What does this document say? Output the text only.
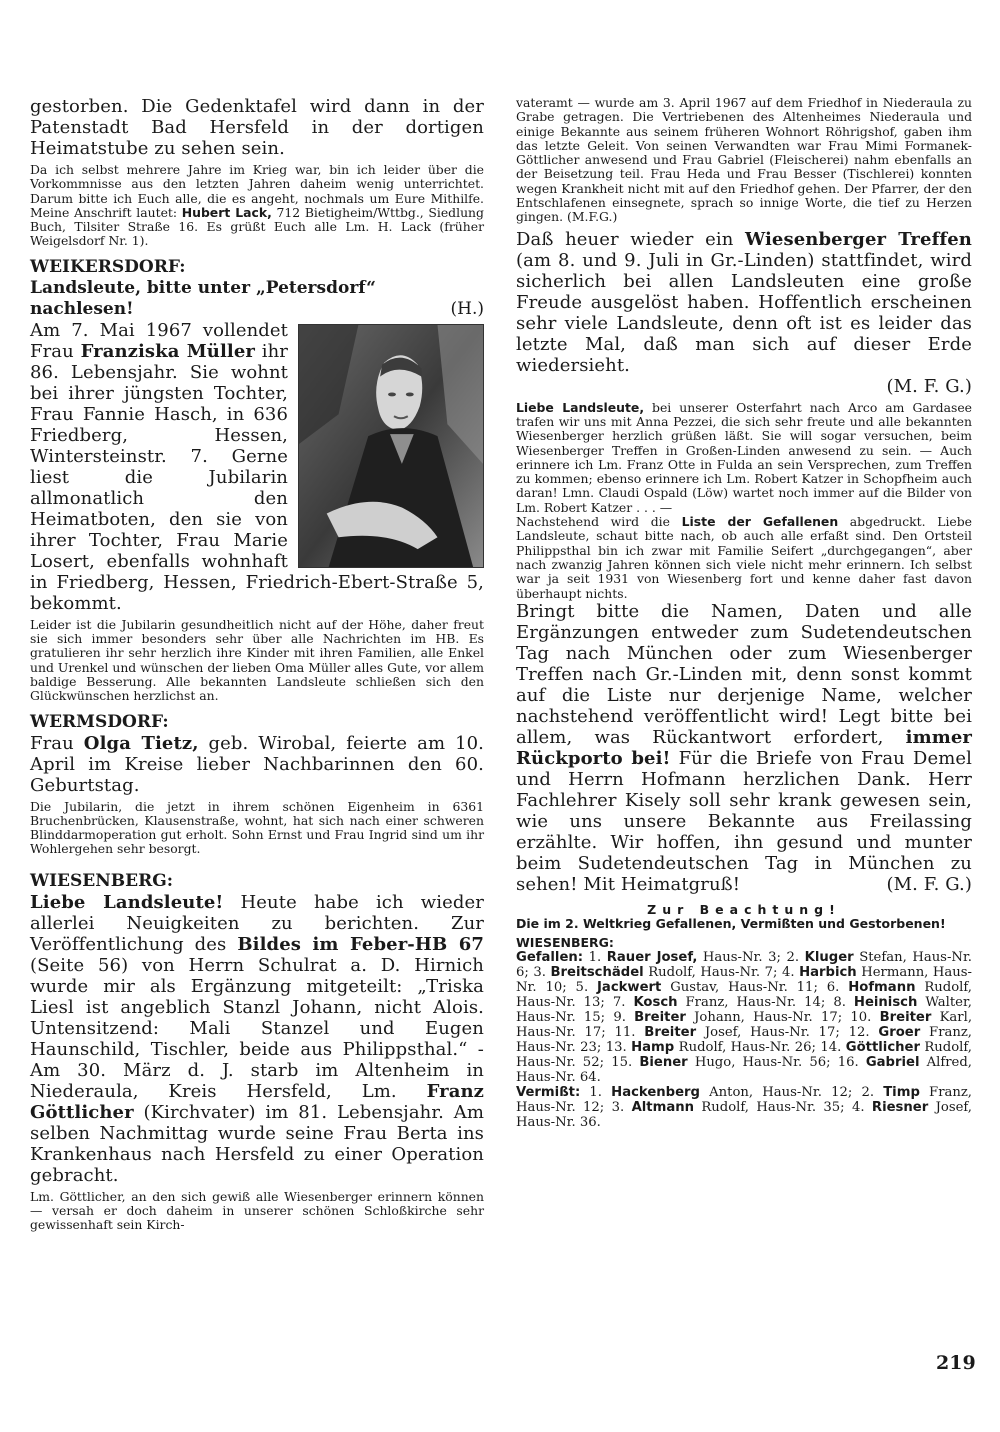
gestorben. Die Gedenktafel wird dann in der Patenstadt Bad Hersfeld in der dortigen Heimatstube zu sehen sein.

Da ich selbst mehrere Jahre im Krieg war, bin ich leider über die Vorkommnisse aus den letzten Jahren daheim wenig unterrichtet. Darum bitte ich Euch alle, die es angeht, nochmals um Eure Mithilfe. Meine Anschrift lautet: Hubert Lack, 712 Bietigheim/Wttbg., Siedlung Buch, Tilsiter Straße 16. Es grüßt Euch alle Lm. H. Lack (früher Weigelsdorf Nr. 1).

WEIKERSDORF:

Landsleute, bitte unter „Petersdorf“ nachlesen!	(H.)

Am 7. Mai 1967 vollendet Frau Franziska Müller ihr 86. Lebensjahr. Sie wohnt bei ihrer jüngsten Tochter, Frau Fannie Hasch, in 636 Friedberg, Hessen, Wintersteinstr. 7. Gerne liest die Jubilarin allmonatlich den Heimatboten, den sie von ihrer Tochter, Frau Marie Losert, ebenfalls wohnhaft in Friedberg, Hessen, Friedrich-Ebert-Straße 5, bekommt.

Leider ist die Jubilarin gesundheitlich nicht auf der Höhe, daher freut sie sich immer besonders sehr über alle Nachrichten im HB. Es gratulieren ihr sehr herzlich ihre Kinder mit ihren Familien, alle Enkel und Urenkel und wünschen der lieben Oma Müller alles Gute, vor allem baldige Besserung. Alle bekannten Landsleute schließen sich den Glückwünschen herzlichst an.

WERMSDORF:

Frau Olga Tietz, geb. Wirobal, feierte am 10. April im Kreise lieber Nachbarinnen den 60. Geburtstag.

Die Jubilarin, die jetzt in ihrem schönen Eigenheim in 6361 Bruchenbrücken, Klausenstraße, wohnt, hat sich nach einer schweren Blinddarmoperation gut erholt. Sohn Ernst und Frau Ingrid sind um ihr Wohlergehen sehr besorgt.

WIESENBERG:

Liebe Landsleute! Heute habe ich wieder allerlei Neuigkeiten zu berichten. Zur Veröffentlichung des Bildes im Feber-HB 67 (Seite 56) von Herrn Schulrat a. D. Hirnich wurde mir als Ergänzung mitgeteilt: „Triska Liesl ist angeblich Stanzl Johann, nicht Alois. Untensitzend: Mali Stanzel und Eugen Haunschild, Tischler, beide aus Philippsthal.“ - Am 30. März d. J. starb im Altenheim in Niederaula, Kreis Hersfeld, Lm. Franz Göttlicher (Kirchvater) im 81. Lebensjahr. Am selben Nachmittag wurde seine Frau Berta ins Krankenhaus nach Hersfeld zu einer Operation gebracht.

Lm. Göttlicher, an den sich gewiß alle Wiesenberger erinnern können — versah er doch daheim in unserer schönen Schloßkirche sehr gewissenhaft sein Kirch-

vateramt — wurde am 3. April 1967 auf dem Friedhof in Niederaula zu Grabe getragen. Die Vertriebenen des Altenheimes Niederaula und einige Bekannte aus seinem früheren Wohnort Röhrigshof, gaben ihm das letzte Geleit. Von seinen Verwandten war Frau Mimi Formanek-Göttlicher anwesend und Frau Gabriel (Fleischerei) nahm ebenfalls an der Beisetzung teil. Frau Heda und Frau Besser (Tischlerei) konnten wegen Krankheit nicht mit auf den Friedhof gehen. Der Pfarrer, der den Entschlafenen einsegnete, sprach so innige Worte, die tief zu Herzen gingen. (M.F.G.)

Daß heuer wieder ein Wiesenberger Treffen (am 8. und 9. Juli in Gr.-Linden) stattfindet, wird sicherlich bei allen Landsleuten eine große Freude ausgelöst haben. Hoffentlich erscheinen sehr viele Landsleute, denn oft ist es leider das letzte Mal, daß man sich auf dieser Erde wiedersieht.

(M. F. G.)

Liebe Landsleute, bei unserer Osterfahrt nach Arco am Gardasee trafen wir uns mit Anna Pezzei, die sich sehr freute und alle bekannten Wiesenberger herzlich grüßen läßt. Sie will sogar versuchen, beim Wiesenberger Treffen in Großen-Linden anwesend zu sein. — Auch erinnere ich Lm. Franz Otte in Fulda an sein Versprechen, zum Treffen zu kommen; ebenso erinnere ich Lm. Robert Katzer in Schopfheim auch daran! Lmn. Claudi Ospald (Löw) wartet noch immer auf die Bilder von Lm. Robert Katzer . . . —

Nachstehend wird die Liste der Gefallenen abgedruckt. Liebe Landsleute, schaut bitte nach, ob auch alle erfaßt sind. Den Ortsteil Philippsthal bin ich zwar mit Familie Seifert „durchgegangen“, aber nach zwanzig Jahren können sich viele nicht mehr erinnern. Ich selbst war ja seit 1931 von Wiesenberg fort und kenne daher fast davon überhaupt nichts.

Bringt bitte die Namen, Daten und alle Ergänzungen entweder zum Sudetendeutschen Tag nach München oder zum Wiesenberger Treffen nach Gr.-Linden mit, denn sonst kommt auf die Liste nur derjenige Name, welcher nachstehend veröffentlicht wird! Legt bitte bei allem, was Rückantwort erfordert, immer Rückporto bei! Für die Briefe von Frau Demel und Herrn Hofmann herzlichen Dank. Herr Fachlehrer Kisely soll sehr krank gewesen sein, wie uns unsere Bekannte aus Freilassing erzählte. Wir hoffen, ihn gesund und munter beim Sudetendeutschen Tag in München zu sehen! Mit Heimatgruß!	(M. F. G.)

Zur Beachtung!

Die im 2. Weltkrieg Gefallenen, Vermißten und Gestorbenen!

WIESENBERG:

Gefallen: 1. Rauer Josef, Haus-Nr. 3; 2. Kluger Stefan, Haus-Nr. 6; 3. Breitschädel Rudolf, Haus-Nr. 7; 4. Harbich Hermann, Haus-Nr. 10; 5. Jackwert Gustav, Haus-Nr. 11; 6. Hofmann Rudolf, Haus-Nr. 13; 7. Kosch Franz, Haus-Nr. 14; 8. Heinisch Walter, Haus-Nr. 15; 9. Breiter Johann, Haus-Nr. 17; 10. Breiter Karl, Haus-Nr. 17; 11. Breiter Josef, Haus-Nr. 17; 12. Groer Franz, Haus-Nr. 23; 13. Hamp Rudolf, Haus-Nr. 26; 14. Göttlicher Rudolf, Haus-Nr. 52; 15. Biener Hugo, Haus-Nr. 56; 16. Gabriel Alfred, Haus-Nr. 64.

Vermißt: 1. Hackenberg Anton, Haus-Nr. 12; 2. Timp Franz, Haus-Nr. 12; 3. Altmann Rudolf, Haus-Nr. 35; 4. Riesner Josef, Haus-Nr. 36.

219
